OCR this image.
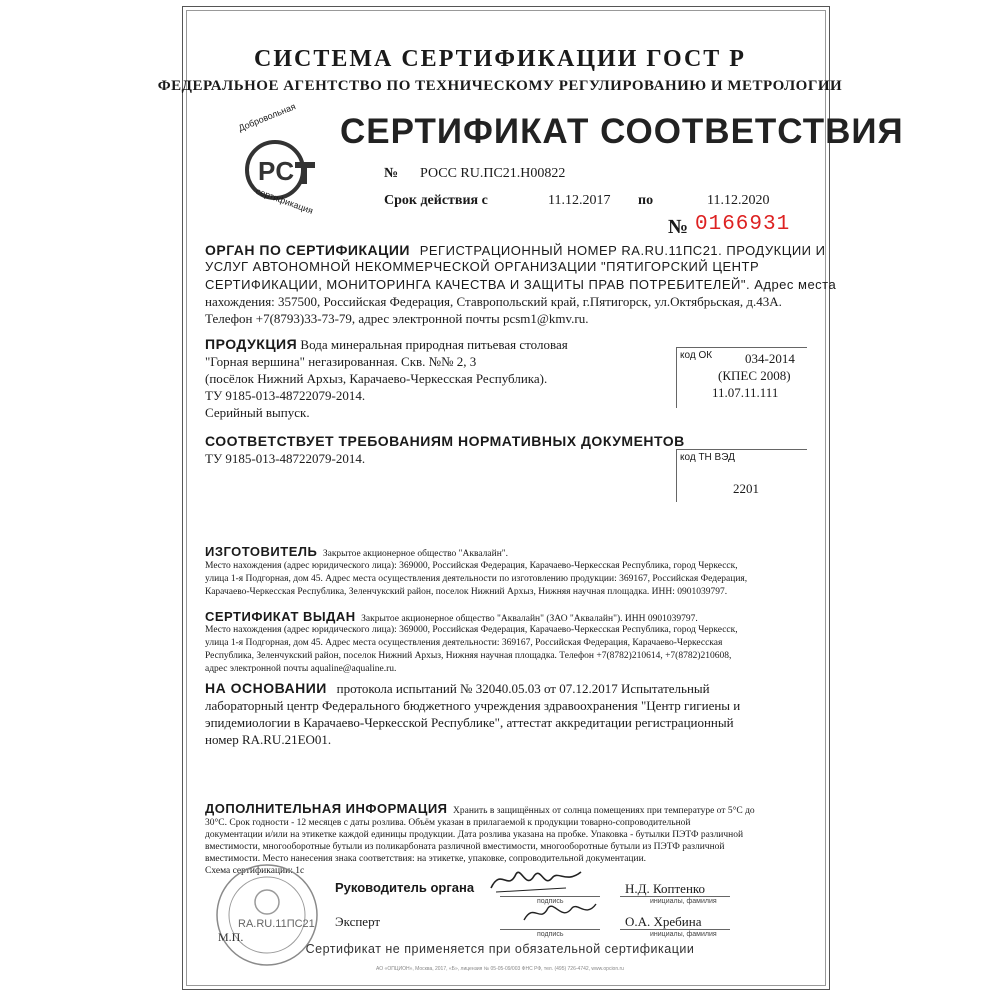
СИСТЕМА СЕРТИФИКАЦИИ ГОСТ Р
ФЕДЕРАЛЬНОЕ АГЕНТСТВО ПО ТЕХНИЧЕСКОМУ РЕГУЛИРОВАНИЮ И МЕТРОЛОГИИ
PC
Добровольная
сертификация
СЕРТИФИКАТ СООТВЕТСТВИЯ
№ РОСС RU.ПС21.Н00822
Срок действия с	11.12.2017 по	11.12.2020
№ 0166931
ОРГАН ПО СЕРТИФИКАЦИИ РЕГИСТРАЦИОННЫЙ НОМЕР RA.RU.11ПС21. ПРОДУКЦИИ И
УСЛУГ АВТОНОМНОЙ НЕКОММЕРЧЕСКОЙ ОРГАНИЗАЦИИ "ПЯТИГОРСКИЙ ЦЕНТР
СЕРТИФИКАЦИИ, МОНИТОРИНГА КАЧЕСТВА И ЗАЩИТЫ ПРАВ ПОТРЕБИТЕЛЕЙ". Адрес места
нахождения: 357500, Российская Федерация, Ставропольский край, г.Пятигорск, ул.Октябрьская, д.43А.
Телефон +7(8793)33-73-79, адрес электронной почты pcsm1@kmv.ru.
ПРОДУКЦИЯ Вода минеральная природная питьевая столовая
"Горная вершина" негазированная. Скв. №№ 2, 3
(посёлок Нижний Архыз, Карачаево-Черкесская Республика).
ТУ 9185-013-48722079-2014.
Серийный выпуск.
код ОК	034-2014
(КПЕС 2008)
11.07.11.111
СООТВЕТСТВУЕТ ТРЕБОВАНИЯМ НОРМАТИВНЫХ ДОКУМЕНТОВ
ТУ 9185-013-48722079-2014.	код ТН ВЭД
2201
ИЗГОТОВИТЕЛЬ Закрытое акционерное общество "Аквалайн".
Место нахождения (адрес юридического лица): 369000, Российская Федерация, Карачаево-Черкесская Республика, город Черкесск,
улица 1-я Подгорная, дом 45. Адрес места осуществления деятельности по изготовлению продукции: 369167, Российская Федерация,
Карачаево-Черкесская Республика, Зеленчукский район, поселок Нижний Архыз, Нижняя научная площадка. ИНН: 0901039797.
СЕРТИФИКАТ ВЫДАН Закрытое акционерное общество "Аквалайн" (ЗАО "Аквалайн"). ИНН 0901039797.
Место нахождения (адрес юридического лица): 369000, Российская Федерация, Карачаево-Черкесская Республика, город Черкесск,
улица 1-я Подгорная, дом 45. Адрес места осуществления деятельности: 369167, Российская Федерация, Карачаево-Черкесская
Республика, Зеленчукский район, поселок Нижний Архыз, Нижняя научная площадка. Телефон +7(8782)210614, +7(8782)210608,
адрес электронной почты aqualine@aqualine.ru.
НА ОСНОВАНИИ протокола испытаний № 32040.05.03 от 07.12.2017 Испытательный
лабораторный центр Федерального бюджетного учреждения здравоохранения "Центр гигиены и
эпидемиологии в Карачаево-Черкесской Республике", аттестат аккредитации регистрационный
номер RA.RU.21ЕО01.
ДОПОЛНИТЕЛЬНАЯ ИНФОРМАЦИЯ Хранить в защищённых от солнца помещениях при температуре от 5°С до
30°С. Срок годности - 12 месяцев с даты розлива. Объём указан в прилагаемой к продукции товарно-сопроводительной
документации и/или на этикетке каждой единицы продукции. Дата розлива указана на пробке. Упаковка - бутылки ПЭТФ различной
вместимости, многооборотные бутыли из поликарбоната различной вместимости, многооборотные бутыли из ПЭТФ различной
вместимости. Место нанесения знака соответствия: на этикетке, упаковке, сопроводительной документации.
Схема сертификации: 1с
RA.RU.11ПС21
М.П.
Руководитель органа
подпись
Н.Д. Коптенко
инициалы, фамилия
Эксперт
подпись
О.А. Хребина
инициалы, фамилия
Сертификат не применяется при обязательной сертификации
АО «ОПЦИОН», Москва, 2017, «Б», лицензия № 05-05-09/003 ФНС РФ, тел. (495) 726-4742, www.opcion.ru
